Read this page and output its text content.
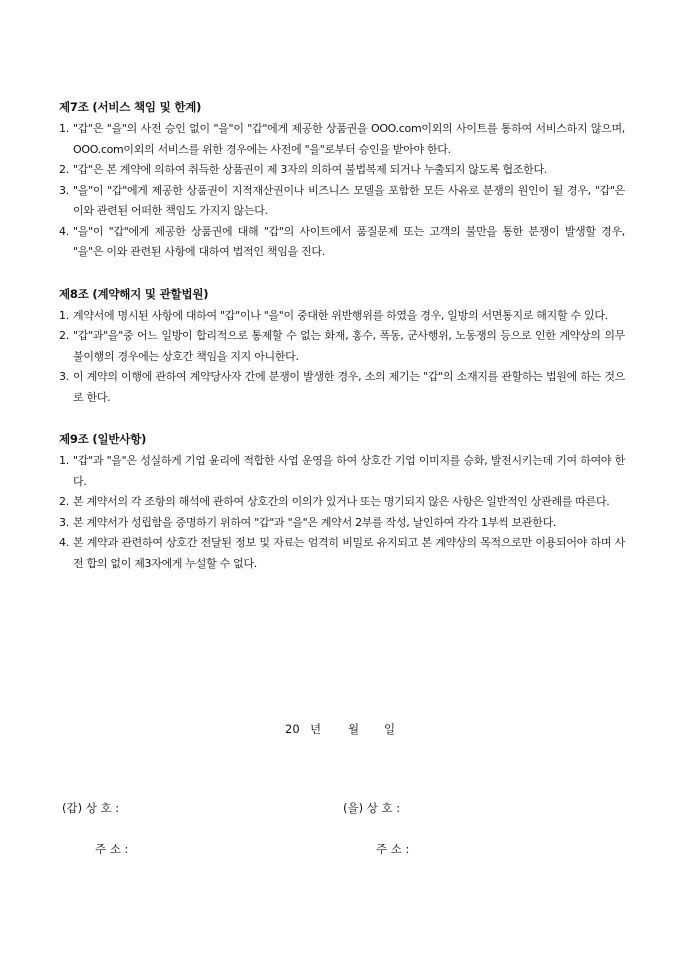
제7조 (서비스 책임 및 한계)
1. "갑"은 "을"의 사전 승인 없이 "을"이 "갑"에게 제공한 상품권을 OOO.com이외의 사이트를 통하여 서비스하지 않으며, OOO.com이외의 서비스를 위한 경우에는 사전에 "을"로부터 승인을 받아야 한다.
2. "갑"은 본 계약에 의하여 취득한 상품권이 제 3자의 의하여 불법복제 되거나 누출되지 않도록 협조한다.
3. "을"이 "갑"에게 제공한 상품권이 지적재산권이나 비즈니스 모델을 포함한 모든 사유로 분쟁의 원인이 될 경우, "갑"은 이와 관련된 어떠한 책임도 가지지 않는다.
4. "을"이 "갑"에게 제공한 상품권에 대해 "갑"의 사이트에서 품질문제 또는 고객의 불만을 통한 분쟁이 발생할 경우, "을"은 이와 관련된 사항에 대하여 법적인 책임을 진다.
제8조 (계약해지 및 관할법원)
1. 계약서에 명시된 사항에 대하여 "갑"이나 "을"이 중대한 위반행위를 하였을 경우, 일방의 서면통지로 해지할 수 있다.
2. "갑"과"을"중 어느 일방이 합리적으로 통제할 수 없는 화재, 홍수, 폭동, 군사행위, 노동쟁의 등으로 인한 계약상의 의무 불이행의 경우에는 상호간 책임을 지지 아니한다.
3. 이 계약의 이행에 관하여 계약당사자 간에 분쟁이 발생한 경우, 소의 제기는 "갑"의 소재지를 관할하는 법원에 하는 것으로 한다.
제9조 (일반사항)
1. "갑"과 "을"은 성실하게 기업 윤리에 적합한 사업 운영을 하여 상호간 기업 이미지를 승화, 발전시키는데 기여 하여야 한다.
2. 본 계약서의 각 조항의 해석에 관하여 상호간의 이의가 있거나 또는 명기되지 않은 사항은 일반적인 상관례를 따른다.
3. 본 계약서가 성립함을 증명하기 위하여 "갑"과 "을"은 계약서 2부를 작성, 날인하여 각각 1부씩 보관한다.
4. 본 계약과 관련하여 상호간 전달된 정보 및 자료는 엄격히 비밀로 유지되고 본 계약상의 목적으로만 이용되어야 하며 사전 합의 없이 제3자에게 누설할 수 없다.
20 년 월 일
(갑) 상 호 :
주 소 :
(을) 상 호 :
주 소 :
